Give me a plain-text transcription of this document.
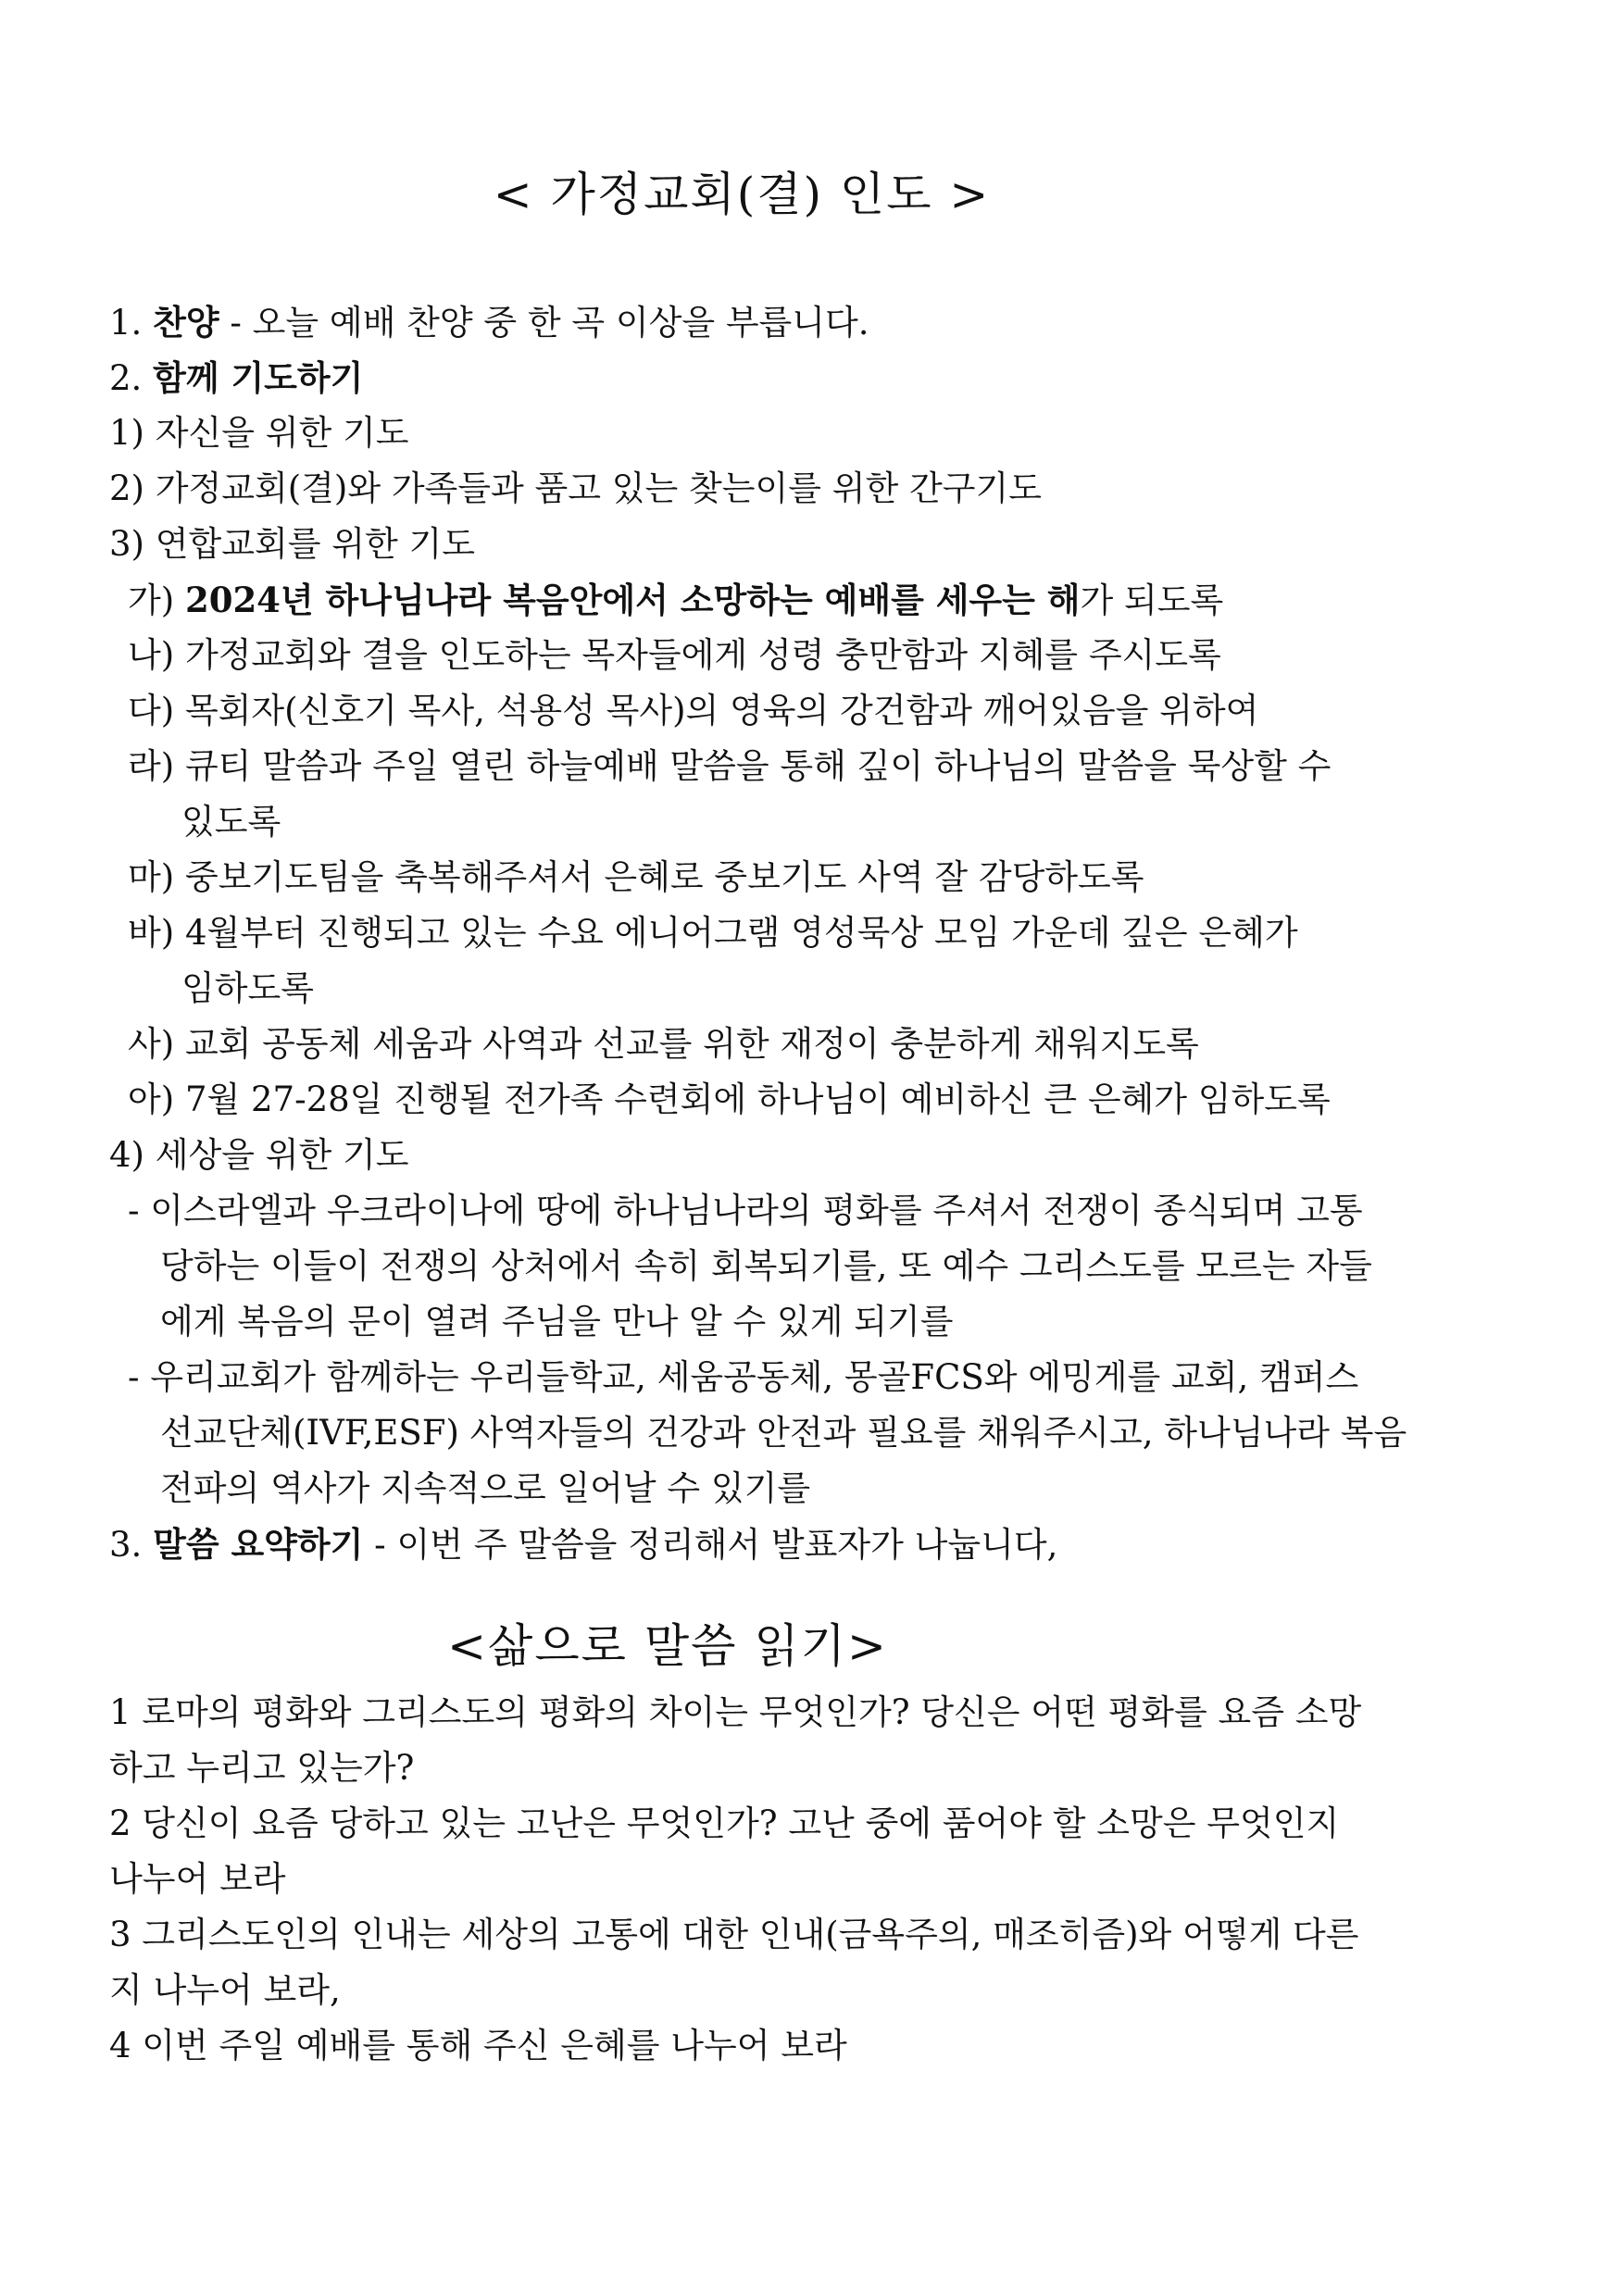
< 가정교회(결) 인도 >
1. 찬양 - 오늘 예배 찬양 중 한 곡 이상을 부릅니다.
2. 함께 기도하기
1) 자신을 위한 기도
2) 가정교회(결)와 가족들과 품고 있는 찾는이를 위한 간구기도
3) 연합교회를 위한 기도
가) 2024년 하나님나라 복음안에서 소망하는 예배를 세우는 해가 되도록
나) 가정교회와 결을 인도하는 목자들에게 성령 충만함과 지혜를 주시도록
다) 목회자(신호기 목사, 석용성 목사)의 영육의 강건함과 깨어있음을 위하여
라) 큐티 말씀과 주일 열린 하늘예배 말씀을 통해 깊이 하나님의 말씀을 묵상할 수
있도록
마) 중보기도팀을 축복해주셔서 은혜로 중보기도 사역 잘 감당하도록
바) 4월부터 진행되고 있는 수요 에니어그램 영성묵상 모임 가운데 깊은 은혜가
임하도록
사) 교회 공동체 세움과 사역과 선교를 위한 재정이 충분하게 채워지도록
아) 7월 27-28일 진행될 전가족 수련회에 하나님이 예비하신 큰 은혜가 임하도록
4) 세상을 위한 기도
- 이스라엘과 우크라이나에 땅에 하나님나라의 평화를 주셔서 전쟁이 종식되며 고통
당하는 이들이 전쟁의 상처에서 속히 회복되기를, 또 예수 그리스도를 모르는 자들
에게 복음의 문이 열려 주님을 만나 알 수 있게 되기를
- 우리교회가 함께하는 우리들학교, 세움공동체, 몽골FCS와 에밍게를 교회, 캠퍼스
선교단체(IVF,ESF) 사역자들의 건강과 안전과 필요를 채워주시고, 하나님나라 복음
전파의 역사가 지속적으로 일어날 수 있기를
3. 말씀 요약하기 - 이번 주 말씀을 정리해서 발표자가 나눕니다,
<삶으로 말씀 읽기>
1 로마의 평화와 그리스도의 평화의 차이는 무엇인가? 당신은 어떤 평화를 요즘 소망
하고 누리고 있는가?
2 당신이 요즘 당하고 있는 고난은 무엇인가? 고난 중에 품어야 할 소망은 무엇인지
나누어 보라
3 그리스도인의 인내는 세상의 고통에 대한 인내(금욕주의, 매조히즘)와 어떻게 다른
지 나누어 보라,
4 이번 주일 예배를 통해 주신 은혜를 나누어 보라
